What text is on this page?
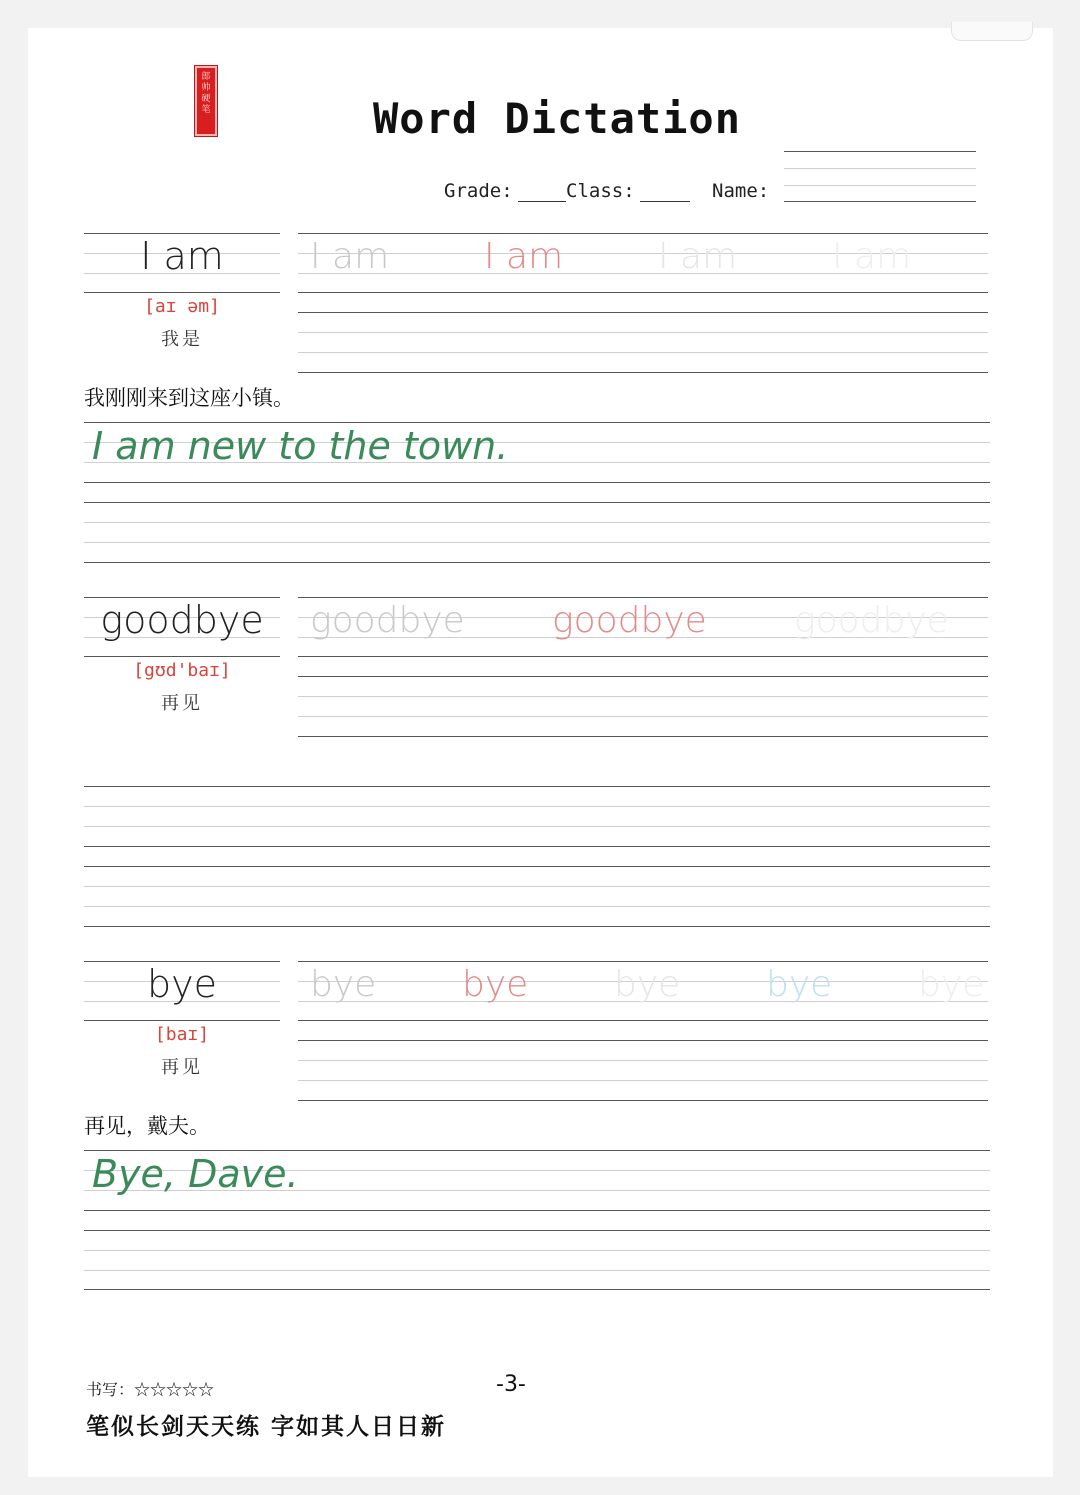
郎
帅
硬
笔	Word Dictation
Grade:	Class:	Name:
I am
[aɪ əm]
我是
I am	I am	I am	I am
我刚刚来到这座小镇。
I am new to the town.
goodbye
[gʊd'baɪ]
再见
goodbye goodbye goodbye
bye
[baɪ]
再见
bye bye bye bye bye
再见，戴夫。
Bye, Dave.
书写：☆☆☆☆☆	-3-
笔似长剑天天练 字如其人日日新
